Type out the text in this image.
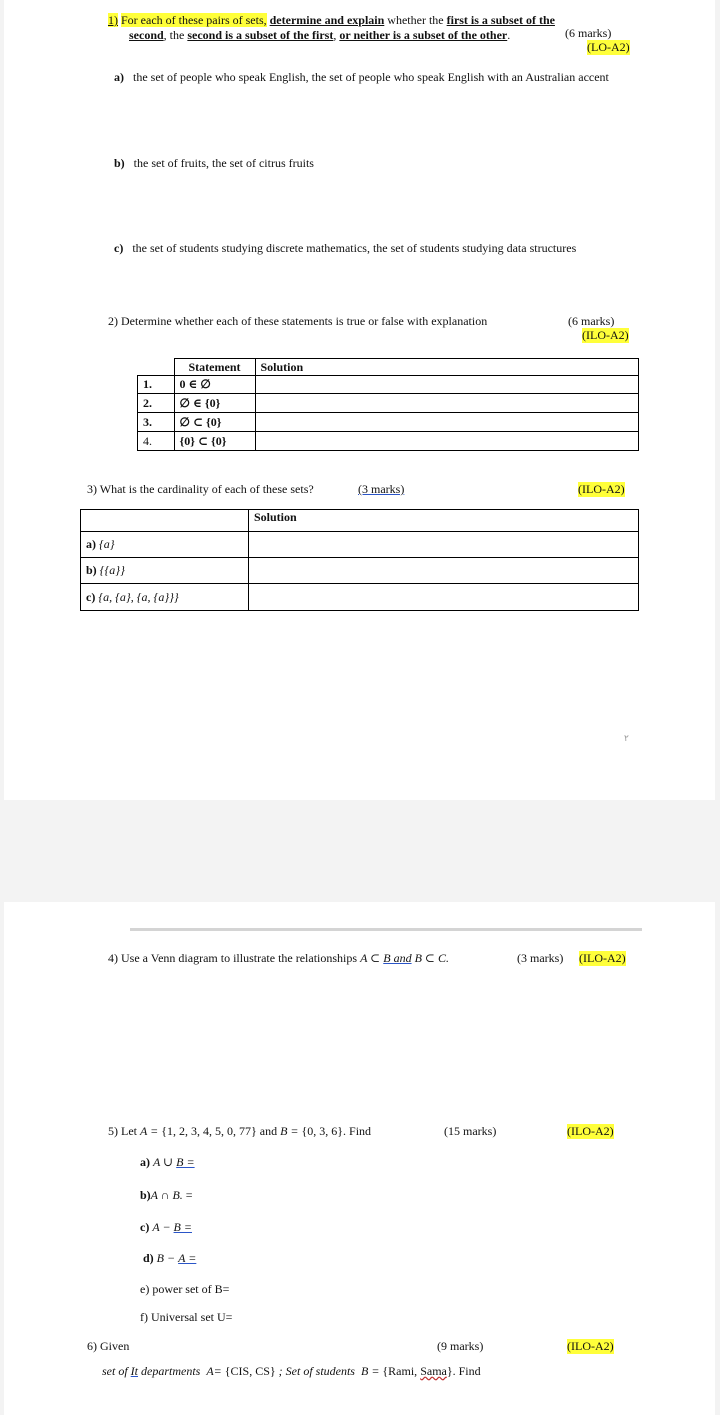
1) For each of these pairs of sets, determine and explain whether the first is a subset of the
second, the second is a subset of the first, or neither is a subset of the other.	(6 marks)
(LO-A2)
a) the set of people who speak English, the set of people who speak English with an Australian accent
b) the set of fruits, the set of citrus fruits
c) the set of students studying discrete mathematics, the set of students studying data structures
2) Determine whether each of these statements is true or false with explanation	(6 marks)
(ILO-A2)
	Statement	Solution
1.	0 ∈ ∅	
2.	∅ ∈ {0}	
3.	∅ ⊂ {0}	
4.	{0} ⊂ {0}	
3) What is the cardinality of each of these sets?	(3 marks)	(ILO-A2)
	Solution
a) {a}	
b) {{a}}	
c) {a, {a}, {a, {a}}}	
٢
4) Use a Venn diagram to illustrate the relationships A ⊂ B and B ⊂ C.	(3 marks) (ILO-A2)
5) Let A = {1, 2, 3, 4, 5, 0, 77} and B = {0, 3, 6}. Find	(15 marks)	(ILO-A2)
a) A ∪ B =
b)A ∩ B. =
c) A − B =
d) B − A =
e) power set of B=
f) Universal set U=
6) Given	(9 marks)	(ILO-A2)
set of It departments A= {CIS, CS} ; Set of students B = {Rami, Sama}. Find
